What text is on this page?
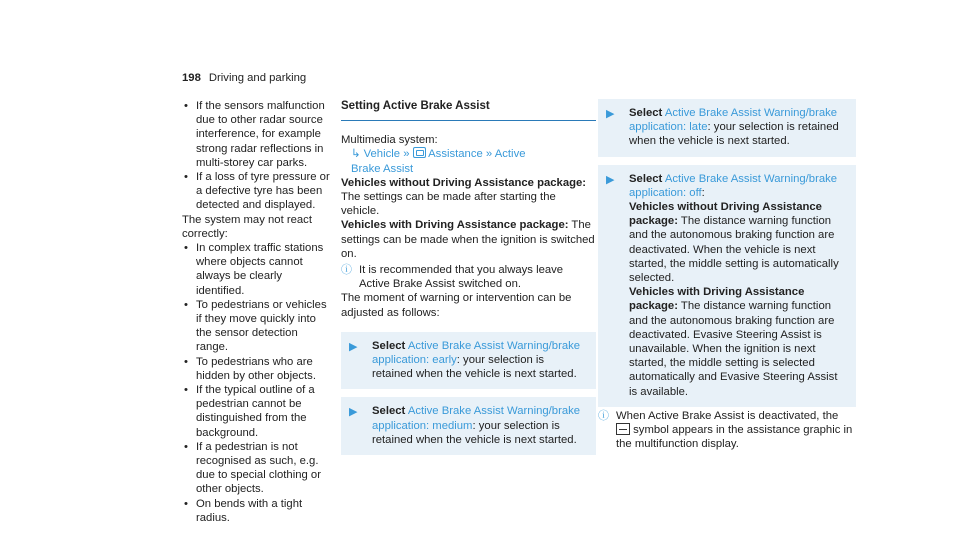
198 Driving and parking
• If the sensors malfunction due to other radar source interference, for example strong radar reflections in multi-storey car parks.
• If a loss of tyre pressure or a defective tyre has been detected and displayed.

The system may not react correctly:

• In complex traffic stations where objects cannot always be clearly identified.
• To pedestrians or vehicles if they move quickly into the sensor detection range.
• To pedestrians who are hidden by other objects.
• If the typical outline of a pedestrian cannot be distinguished from the background.
• If a pedestrian is not recognised as such, e.g. due to special clothing or other objects.
• On bends with a tight radius.
Setting Active Brake Assist

Multimedia system:

↳ Vehicle » Assistance » Active
Brake Assist

Vehicles without Driving Assistance package: The settings can be made after starting the vehicle.

Vehicles with Driving Assistance package: The settings can be made when the ignition is switched on.

ⓘ It is recommended that you always leave Active Brake Assist switched on.

The moment of warning or intervention can be adjusted as follows:

▶	Select Active Brake Assist Warning/brake application: early: your selection is retained when the vehicle is next started.
▶	Select Active Brake Assist Warning/brake application: medium: your selection is retained when the vehicle is next started.
▶	Select Active Brake Assist Warning/brake application: late: your selection is retained when the vehicle is next started.
▶	Select Active Brake Assist Warning/brake application: off:
Vehicles without Driving Assistance package: The distance warning function and the autonomous braking function are deactivated. When the vehicle is next started, the middle setting is automatically selected.
Vehicles with Driving Assistance package: The distance warning function and the autonomous braking function are deactivated. Evasive Steering Assist is unavailable. When the ignition is next started, the middle setting is selected automatically and Evasive Steering Assist is available.
ⓘ When Active Brake Assist is deactivated, the
symbol appears in the assistance graphic in the multifunction display.
